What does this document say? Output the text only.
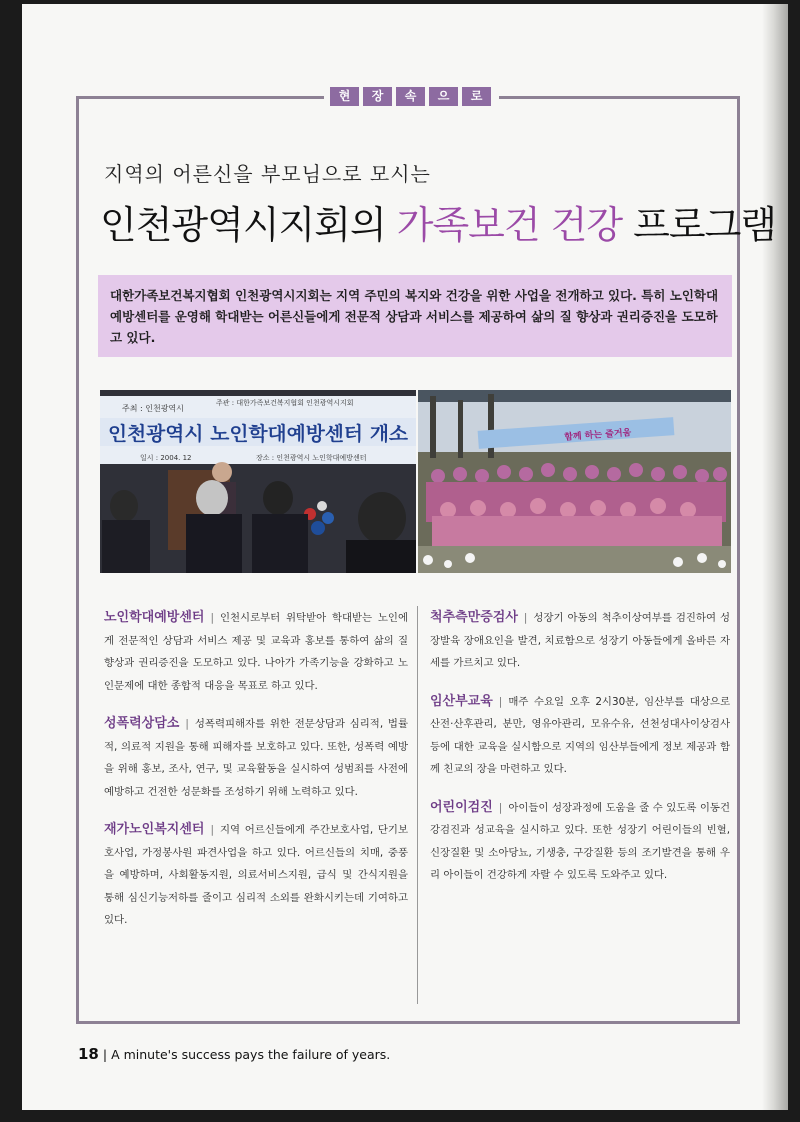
현	장	속	으	로
지역의 어른신을 부모님으로 모시는
인천광역시지회의 가족보건 건강 프로그램
대한가족보건복지협회 인천광역시지회는 지역 주민의 복지와 건강을 위한 사업을 전개하고 있다. 특히 노인학대예방센터를 운영해 학대받는 어른신들에게 전문적 상담과 서비스를 제공하여 삶의 질 향상과 권리증진을 도모하고 있다.
주최 : 인천광역시
주관 : 대한가족보건복지협회 인천광역시지회
인천광역시 노인학대예방센터 개소
일시 : 2004. 12	장소 : 인천광역시 노인학대예방센터
함께 하는 즐거움

노인학대예방센터 | 인천시로부터 위탁받아 학대받는 노인에게 전문적인 상담과 서비스 제공 및 교육과 홍보를 통하여 삶의 질 향상과 권리증진을 도모하고 있다. 나아가 가족기능을 강화하고 노인문제에 대한 종합적 대응을 목표로 하고 있다.

성폭력상담소 | 성폭력피해자를 위한 전문상담과 심리적, 법률적, 의료적 지원을 통해 피해자를 보호하고 있다. 또한, 성폭력 예방을 위해 홍보, 조사, 연구, 및 교육활동을 실시하여 성범죄를 사전에 예방하고 건전한 성문화를 조성하기 위해 노력하고 있다.

재가노인복지센터 | 지역 어르신들에게 주간보호사업, 단기보호사업, 가정봉사원 파견사업을 하고 있다. 어르신들의 치매, 중풍을 예방하며, 사회활동지원, 의료서비스지원, 급식 및 간식지원을 통해 심신기능저하를 줄이고 심리적 소외를 완화시키는데 기여하고 있다.

척추측만증검사 | 성장기 아동의 척추이상여부를 검진하여 성장발육 장애요인을 발견, 치료함으로 성장기 아동들에게 올바른 자세를 가르치고 있다.

임산부교육 | 매주 수요일 오후 2시30분, 임산부를 대상으로 산전·산후관리, 분만, 영유아관리, 모유수유, 선천성대사이상검사 등에 대한 교육을 실시함으로 지역의 임산부들에게 정보 제공과 함께 친교의 장을 마련하고 있다.

어린이검진 | 아이들이 성장과정에 도움을 줄 수 있도록 이동건강검진과 성교육을 실시하고 있다. 또한 성장기 어린이들의 빈혈, 신장질환 및 소아당뇨, 기생충, 구강질환 등의 조기발견을 통해 우리 아이들이 건강하게 자랄 수 있도록 도와주고 있다.

18 | A minute's success pays the failure of years.
